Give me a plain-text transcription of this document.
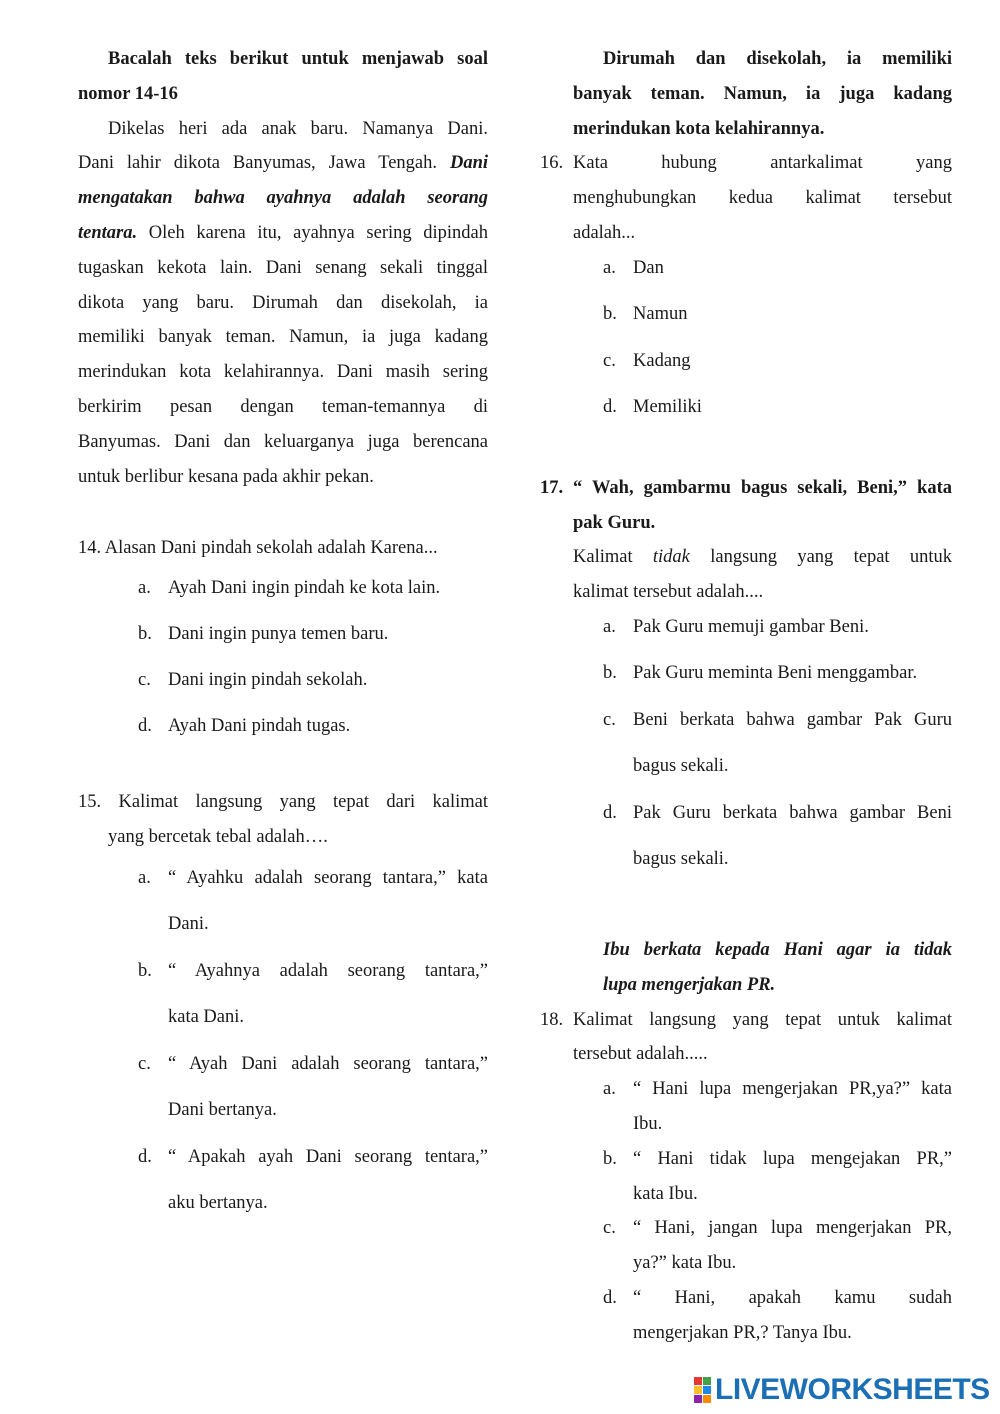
Bacalah teks berikut untuk menjawab soal
nomor 14-16
Dikelas heri ada anak baru. Namanya Dani.
Dani lahir dikota Banyumas, Jawa Tengah. Dani
mengatakan bahwa ayahnya adalah seorang
tentara. Oleh karena itu, ayahnya sering dipindah
tugaskan kekota lain. Dani senang sekali tinggal
dikota yang baru. Dirumah dan disekolah, ia
memiliki banyak teman. Namun, ia juga kadang
merindukan kota kelahirannya. Dani masih sering
berkirim pesan dengan teman-temannya di
Banyumas. Dani dan keluarganya juga berencana
untuk berlibur kesana pada akhir pekan.
14. Alasan Dani pindah sekolah adalah Karena...
a. Ayah Dani ingin pindah ke kota lain.
b. Dani ingin punya temen baru.
c. Dani ingin pindah sekolah.
d. Ayah Dani pindah tugas.
15. Kalimat langsung yang tepat dari kalimat
yang bercetak tebal adalah….
a. “ Ayahku adalah seorang tantara,” kata
Dani.
b. “ Ayahnya adalah seorang tantara,”
kata Dani.
c. “ Ayah Dani adalah seorang tantara,”
Dani bertanya.
d. “ Apakah ayah Dani seorang tentara,”
aku bertanya.
Dirumah dan disekolah, ia memiliki
banyak teman. Namun, ia juga kadang
merindukan kota kelahirannya.
16. Kata hubung antarkalimat yang
menghubungkan kedua kalimat tersebut
adalah...
a. Dan
b. Namun
c. Kadang
d. Memiliki
17. “ Wah, gambarmu bagus sekali, Beni,” kata
pak Guru.
Kalimat tidak langsung yang tepat untuk
kalimat tersebut adalah....
a. Pak Guru memuji gambar Beni.
b. Pak Guru meminta Beni menggambar.
c. Beni berkata bahwa gambar Pak Guru
bagus sekali.
d. Pak Guru berkata bahwa gambar Beni
bagus sekali.
Ibu berkata kepada Hani agar ia tidak
lupa mengerjakan PR.
18. Kalimat langsung yang tepat untuk kalimat
tersebut adalah.....
a. “ Hani lupa mengerjakan PR,ya?” kata
Ibu.
b. “ Hani tidak lupa mengejakan PR,”
kata Ibu.
c. “ Hani, jangan lupa mengerjakan PR,
ya?” kata Ibu.
d. “ Hani, apakah kamu sudah
mengerjakan PR,? Tanya Ibu.
LIVEWORKSHEETS
